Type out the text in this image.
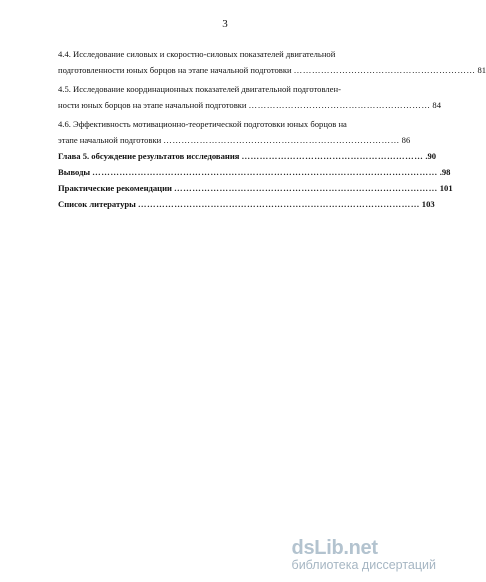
3
4.4. Исследование силовых и скоростно-силовых показателей двигательной
подготовленности юных борцов на этапе начальной подготовки …………………………………………………… 81
4.5. Исследование координационных показателей двигательной подготовлен-
ности юных борцов на этапе начальной подготовки …………………………………………………… 84
4.6. Эффективность мотивационно-теоретической подготовки юных борцов на
этапе начальной подготовки …………………………………………………………………… 86
Глава 5. обсуждение результатов исследования …………………………………………………… .90
Выводы …………………………………………………………………………………………………… .98
Практические рекомендации …………………………………………………………………………… 101
Список литературы ………………………………………………………………………………… 103
dsLib.net
библиотека диссертаций
